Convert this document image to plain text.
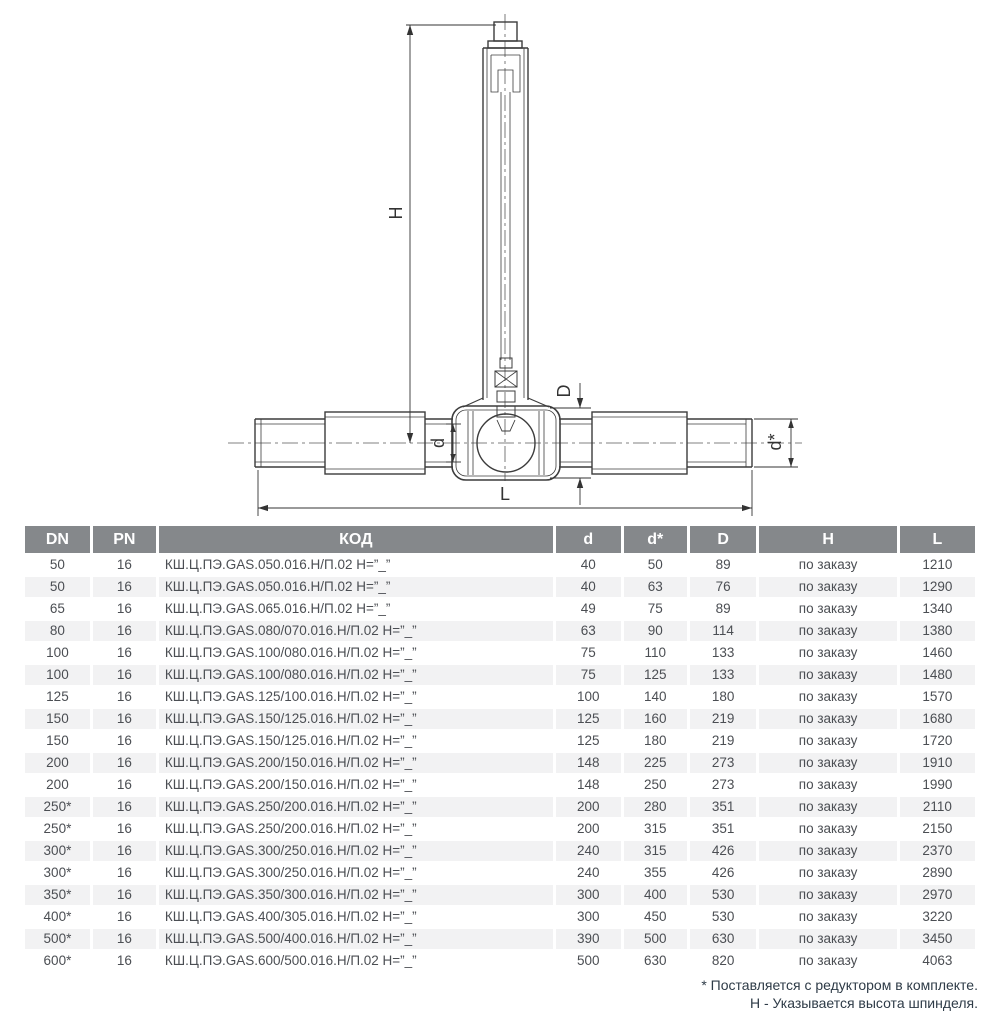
H
d
D
d*
L
DN	PN	КОД	d	d*	D	H	L
50	16	КШ.Ц.ПЭ.GAS.050.016.Н/П.02 Н=”_”	40	50	89	по заказу	1210
50	16	КШ.Ц.ПЭ.GAS.050.016.Н/П.02 Н=”_”	40	63	76	по заказу	1290
65	16	КШ.Ц.ПЭ.GAS.065.016.Н/П.02 Н=”_”	49	75	89	по заказу	1340
80	16	КШ.Ц.ПЭ.GAS.080/070.016.Н/П.02 Н=”_”	63	90	114	по заказу	1380
100	16	КШ.Ц.ПЭ.GAS.100/080.016.Н/П.02 Н=”_”	75	110	133	по заказу	1460
100	16	КШ.Ц.ПЭ.GAS.100/080.016.Н/П.02 Н=”_”	75	125	133	по заказу	1480
125	16	КШ.Ц.ПЭ.GAS.125/100.016.Н/П.02 Н=”_”	100	140	180	по заказу	1570
150	16	КШ.Ц.ПЭ.GAS.150/125.016.Н/П.02 Н=”_”	125	160	219	по заказу	1680
150	16	КШ.Ц.ПЭ.GAS.150/125.016.Н/П.02 Н=”_”	125	180	219	по заказу	1720
200	16	КШ.Ц.ПЭ.GAS.200/150.016.Н/П.02 Н=”_”	148	225	273	по заказу	1910
200	16	КШ.Ц.ПЭ.GAS.200/150.016.Н/П.02 Н=”_”	148	250	273	по заказу	1990
250*	16	КШ.Ц.ПЭ.GAS.250/200.016.Н/П.02 Н=”_”	200	280	351	по заказу	2110
250*	16	КШ.Ц.ПЭ.GAS.250/200.016.Н/П.02 Н=”_”	200	315	351	по заказу	2150
300*	16	КШ.Ц.ПЭ.GAS.300/250.016.Н/П.02 Н=”_”	240	315	426	по заказу	2370
300*	16	КШ.Ц.ПЭ.GAS.300/250.016.Н/П.02 Н=”_”	240	355	426	по заказу	2890
350*	16	КШ.Ц.ПЭ.GAS.350/300.016.Н/П.02 Н=”_”	300	400	530	по заказу	2970
400*	16	КШ.Ц.ПЭ.GAS.400/305.016.Н/П.02 Н=”_”	300	450	530	по заказу	3220
500*	16	КШ.Ц.ПЭ.GAS.500/400.016.Н/П.02 Н=”_”	390	500	630	по заказу	3450
600*	16	КШ.Ц.ПЭ.GAS.600/500.016.Н/П.02 Н=”_”	500	630	820	по заказу	4063
* Поставляется с редуктором в комплекте.
Н - Указывается высота шпинделя.
